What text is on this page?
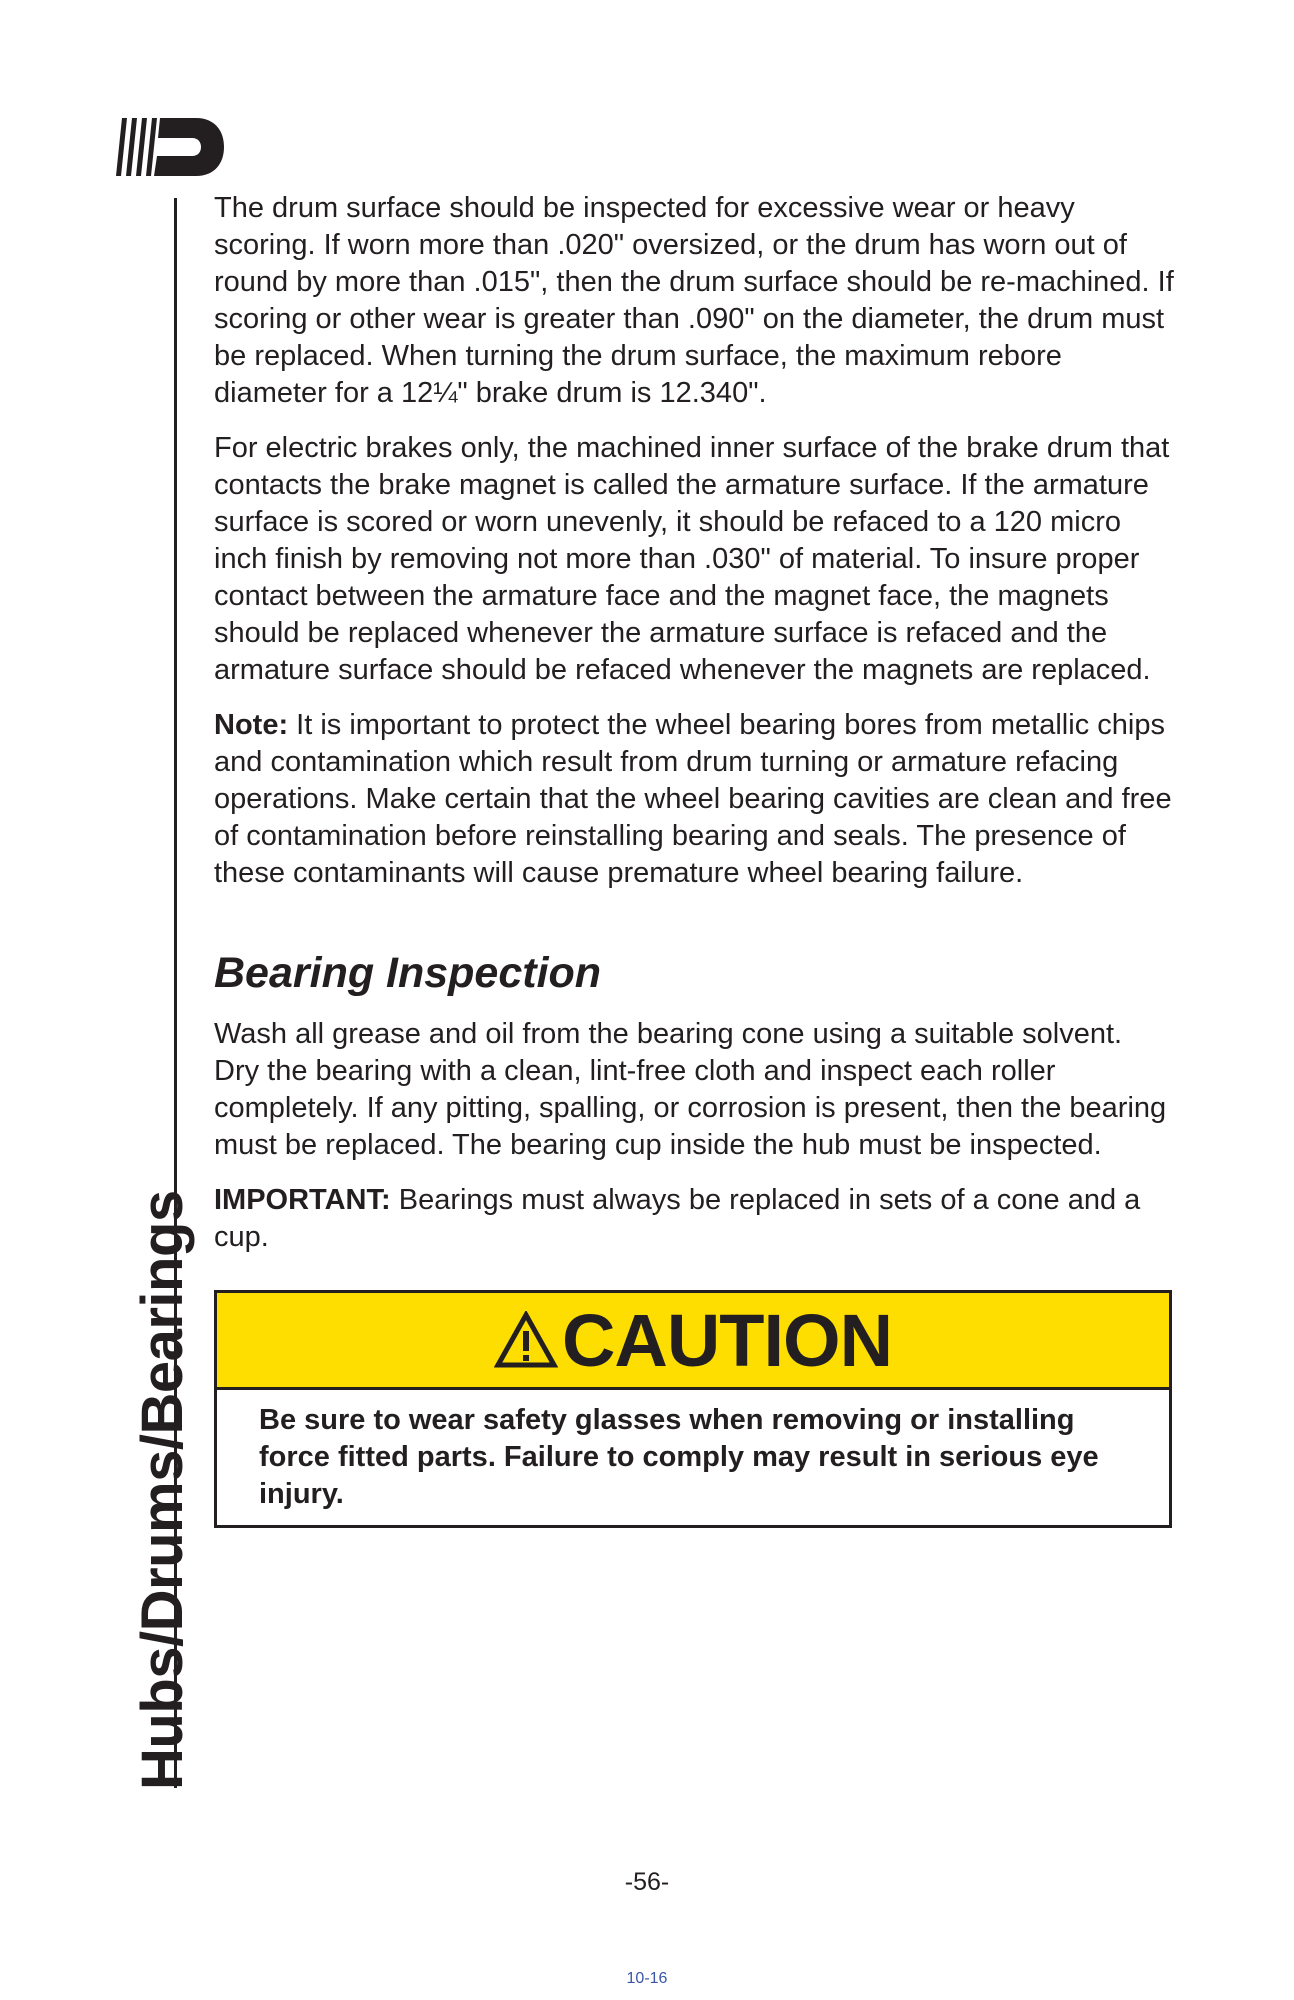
Hubs/Drums/Bearings

The drum surface should be inspected for excessive wear or heavy scoring. If worn more than .020" oversized, or the drum has worn out of round by more than .015", then the drum surface should be re-machined. If scoring or other wear is greater than .090" on the diameter, the drum must be replaced. When turning the drum surface, the maximum rebore diameter for a 12¼" brake drum is 12.340".

For electric brakes only, the machined inner surface of the brake drum that contacts the brake magnet is called the armature surface. If the armature surface is scored or worn unevenly, it should be refaced to a 120 micro inch finish by removing not more than .030" of material. To insure proper contact between the armature face and the magnet face, the magnets should be replaced whenever the armature surface is refaced and the armature surface should be refaced whenever the magnets are replaced.

Note: It is important to protect the wheel bearing bores from metallic chips and contamination which result from drum turning or armature refacing operations. Make certain that the wheel bearing cavities are clean and free of contamination before reinstalling bearing and seals. The presence of these contaminants will cause premature wheel bearing failure.

Bearing Inspection

Wash all grease and oil from the bearing cone using a suitable solvent. Dry the bearing with a clean, lint-free cloth and inspect each roller completely. If any pitting, spalling, or corrosion is present, then the bearing must be replaced. The bearing cup inside the hub must be inspected.

IMPORTANT: Bearings must always be replaced in sets of a cone and a cup.

CAUTION
Be sure to wear safety glasses when removing or installing force fitted parts. Failure to comply may result in serious eye injury.
-56-
10-16
